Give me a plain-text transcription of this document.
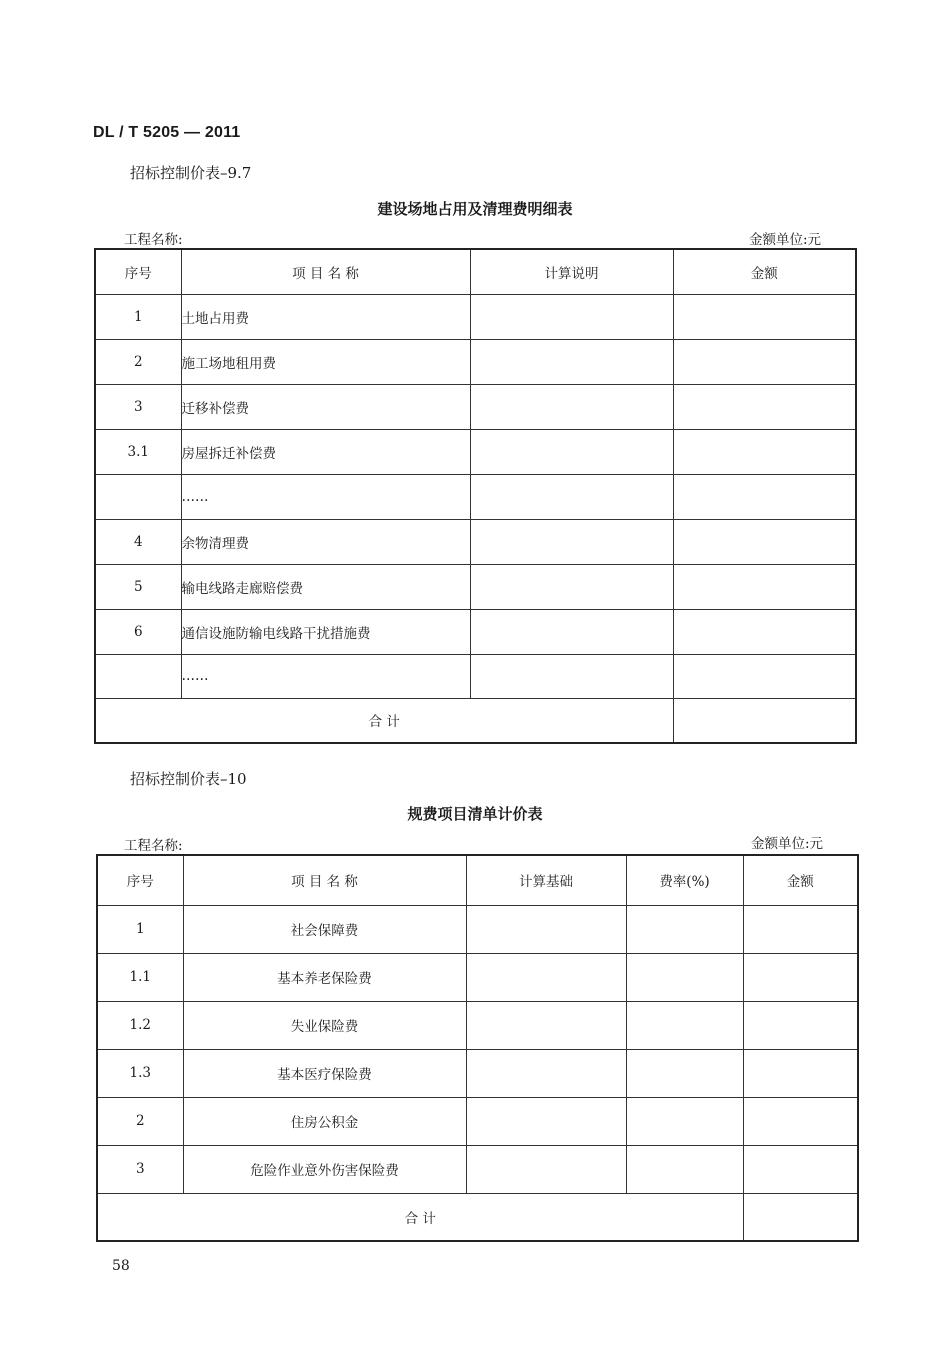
DL / T 5205 — 2011
招标控制价表–9.7
建设场地占用及清理费明细表
工程名称:	金额单位:元
序号	项 目 名 称	计算说明	金额
1	土地占用费		
2	施工场地租用费		
3	迁移补偿费		
3.1	房屋拆迁补偿费		
	……		
4	余物清理费		
5	输电线路走廊赔偿费		
6	通信设施防输电线路干扰措施费		
	……		
合 计			
招标控制价表–10
规费项目清单计价表
工程名称:	金额单位:元
序号	项 目 名 称	计算基础	费率(%)	金额
1	社会保障费			
1.1	基本养老保险费			
1.2	失业保险费			
1.3	基本医疗保险费			
2	住房公积金			
3	危险作业意外伤害保险费			
合 计				
58
